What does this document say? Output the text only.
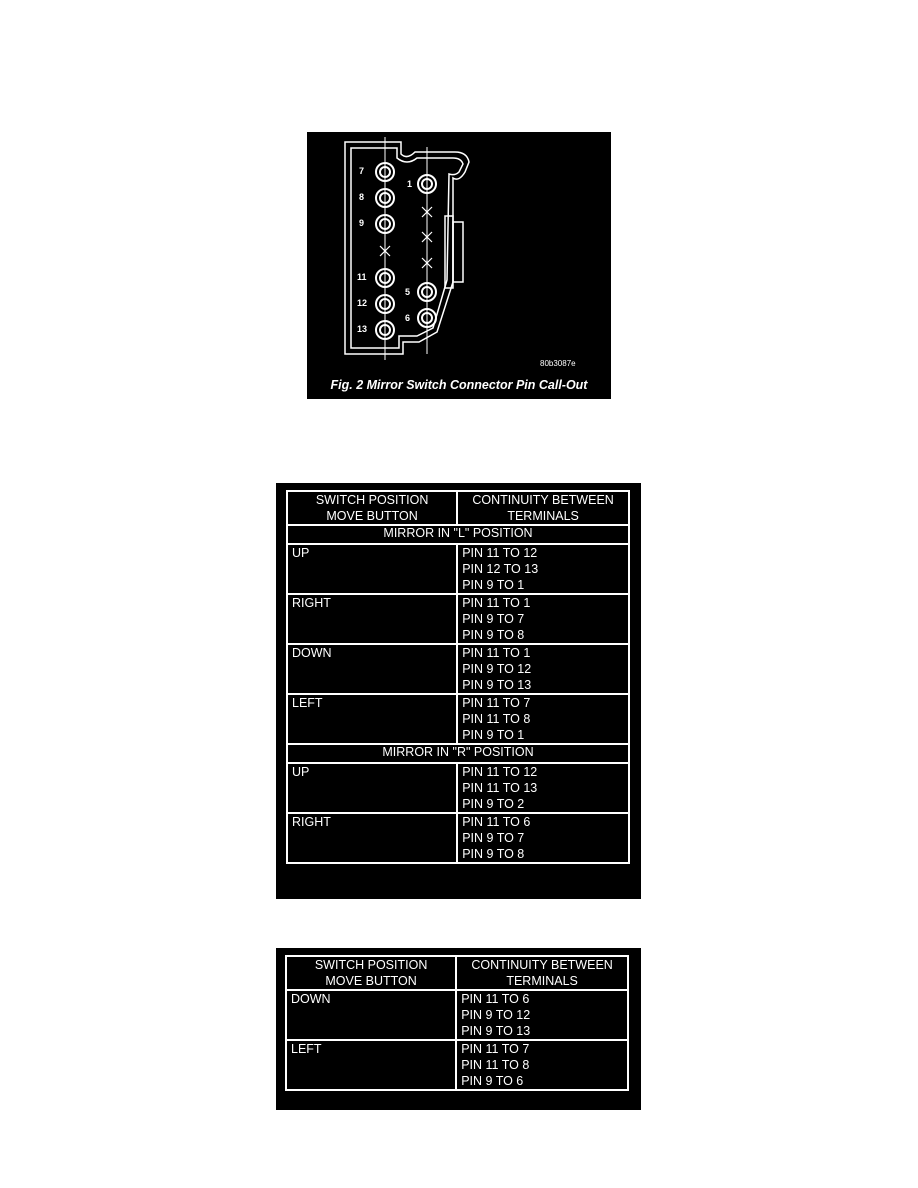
7
8
9
11
12
13
1
5
6
80b3087e
Fig. 2 Mirror Switch Connector Pin Call-Out
SWITCH POSITION
MOVE BUTTON	CONTINUITY BETWEEN
TERMINALS

MIRROR IN "L" POSITION	
UP	PIN 11 TO 12
PIN 12 TO 13
PIN 9 TO 1

RIGHT	PIN 11 TO 1
PIN 9 TO 7
PIN 9 TO 8

DOWN	PIN 11 TO 1
PIN 9 TO 12
PIN 9 TO 13

LEFT	PIN 11 TO 7
PIN 11 TO 8
PIN 9 TO 1

MIRROR IN "R" POSITION	
UP	PIN 11 TO 12
PIN 11 TO 13
PIN 9 TO 2

RIGHT	PIN 11 TO 6
PIN 9 TO 7
PIN 9 TO 8
SWITCH POSITION
MOVE BUTTON	CONTINUITY BETWEEN
TERMINALS

DOWN	PIN 11 TO 6
PIN 9 TO 12
PIN 9 TO 13

LEFT	PIN 11 TO 7
PIN 11 TO 8
PIN 9 TO 6
